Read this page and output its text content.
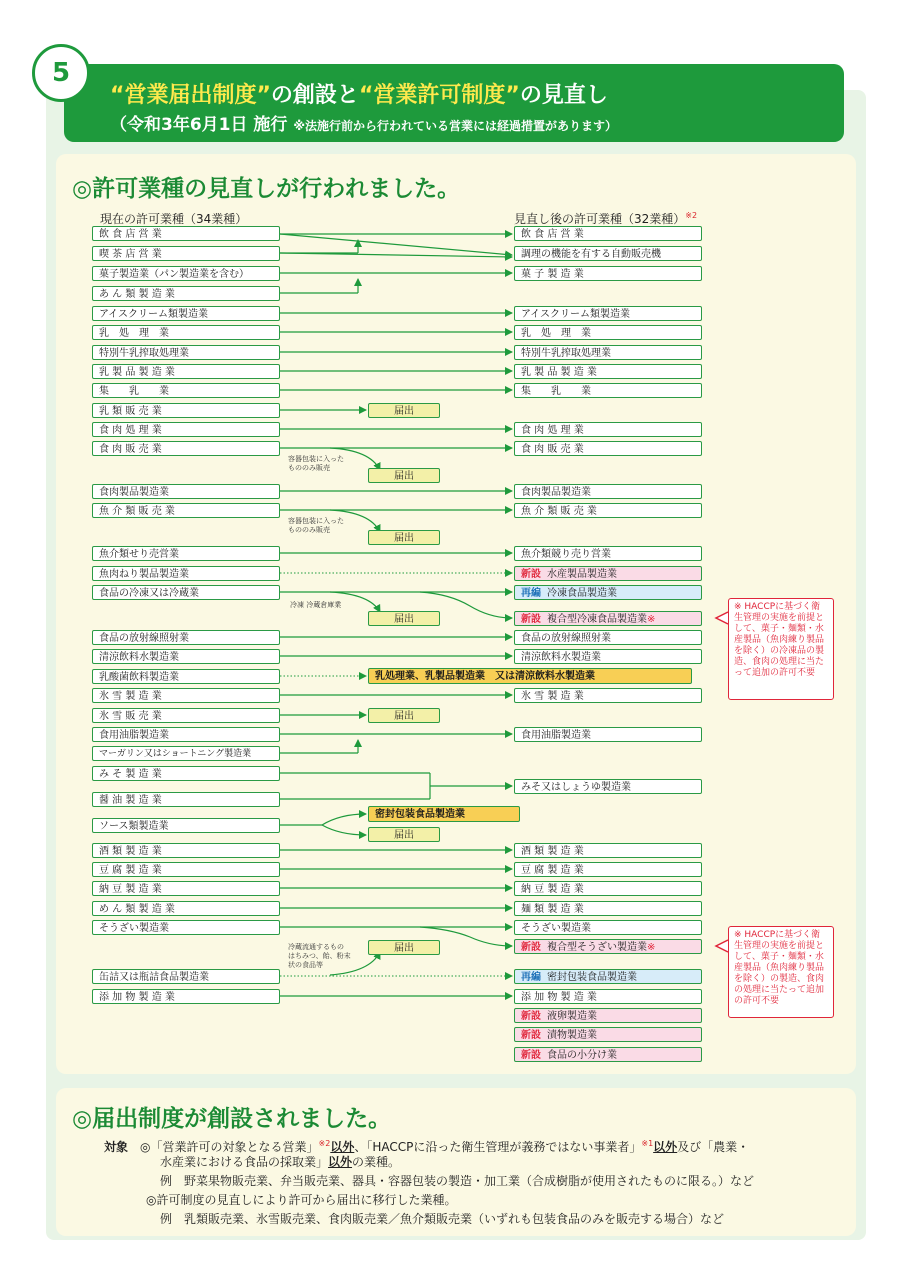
5
“営業届出制度”の創設と“営業許可制度”の見直し
（令和3年6月1日 施行 ※法施行前から行われている営業には経過措置があります）
◎許可業種の見直しが行われました。
現在の許可業種（34業種）	見直し後の許可業種（32業種）$^{※2}$
飲 食 店 営 業
喫 茶 店 営 業
菓子製造業（パン製造業を含む）
あ ん 類 製 造 業
アイスクリーム類製造業
乳　処　理　業
特別牛乳搾取処理業
乳 製 品 製 造 業
集　　乳　　業
乳 類 販 売 業
食 肉 処 理 業
食 肉 販 売 業
食肉製品製造業
魚 介 類 販 売 業
魚介類せり売営業
魚肉ねり製品製造業
食品の冷凍又は冷蔵業
食品の放射線照射業
清涼飲料水製造業
乳酸菌飲料製造業
氷 雪 製 造 業
氷 雪 販 売 業
食用油脂製造業
マーガリン又はショートニング製造業
み そ 製 造 業
醤 油 製 造 業
ソース類製造業
酒 類 製 造 業
豆 腐 製 造 業
納 豆 製 造 業
め ん 類 製 造 業
そうざい製造業
缶詰又は瓶詰食品製造業
添 加 物 製 造 業
飲 食 店 営 業
調理の機能を有する自動販売機
菓 子 製 造 業
アイスクリーム類製造業
乳　処　理　業
特別牛乳搾取処理業
乳 製 品 製 造 業
集　　乳　　業
食 肉 処 理 業
食 肉 販 売 業
食肉製品製造業
魚 介 類 販 売 業
魚介類競り売り営業
新設 水産製品製造業
再編 冷凍食品製造業
新設 複合型冷凍食品製造業※
食品の放射線照射業
清涼飲料水製造業
氷 雪 製 造 業
食用油脂製造業
みそ又はしょうゆ製造業
酒 類 製 造 業
豆 腐 製 造 業
納 豆 製 造 業
麺 類 製 造 業
そうざい製造業
新設 複合型そうざい製造業※
再編 密封包装食品製造業
添 加 物 製 造 業
新設 液卵製造業
新設 漬物製造業
新設 食品の小分け業
届出
容器包装に入った
もののみ販売
届出
容器包装に入った
もののみ販売
届出
冷凍 冷蔵倉庫業
届出
乳処理業、乳製品製造業　又は清涼飲料水製造業
届出
密封包装食品製造業
届出
冷蔵流通するもの
はちみつ、飴、粉末
状の食品等
届出
※ HACCPに基づく衛生管理の実施を前提として、菓子・麺類・水産製品（魚肉練り製品を除く）の冷凍品の製造、食肉の処理に当たって追加の許可不要
※ HACCPに基づく衛生管理の実施を前提として、菓子・麺類・水産製品（魚肉練り製品を除く）の製造、食肉の処理に当たって追加の許可不要
◎届出制度が創設されました。
対象　 ◎「営業許可の対象となる営業」$^{※2}$以外、「HACCPに沿った衛生管理が義務ではない事業者」$^{※1}$以外及び「農業・
水産業における食品の採取業」以外の業種。
例　野菜果物販売業、弁当販売業、器具・容器包装の製造・加工業（合成樹脂が使用されたものに限る。）など
◎許可制度の見直しにより許可から届出に移行した業種。
例　乳類販売業、氷雪販売業、食肉販売業／魚介類販売業（いずれも包装食品のみを販売する場合）など
